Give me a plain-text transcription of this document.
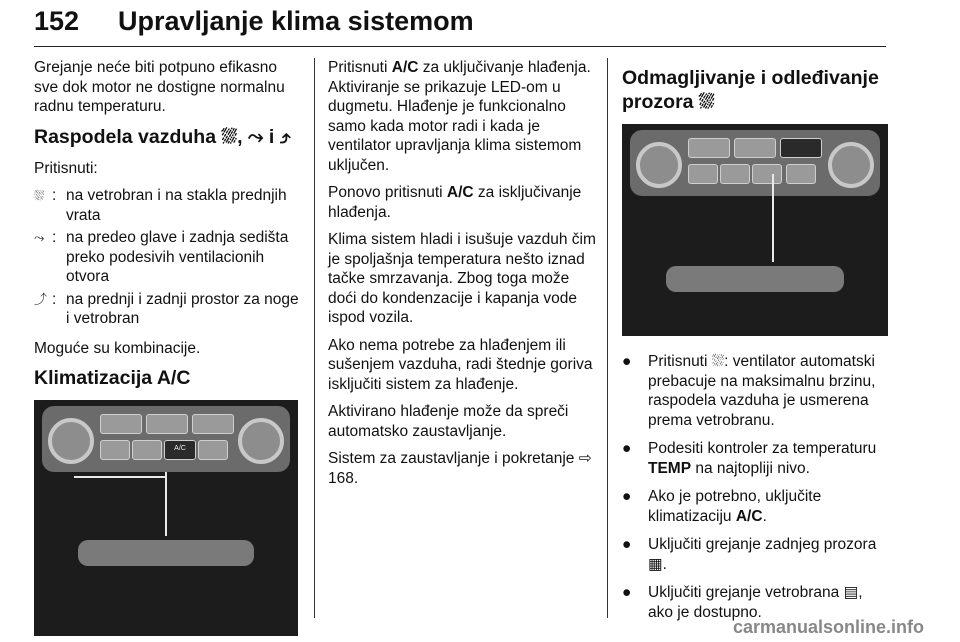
152 Upravljanje klima sistemom

Grejanje neće biti potpuno efikasno sve dok motor ne dostigne normalnu radnu temperaturu.

Raspodela vazduha ⛆, ⤳ i ⤴

Pritisnuti:

⛆ : na vetrobran i na stakla prednjih vrata
⤳ : na predeo glave i zadnja sedišta preko podesivih ventilacionih otvora
⤴ : na prednji i zadnji prostor za noge i vetrobran

Moguće su kombinacije.

Klimatizacija A/C
A/C

Pritisnuti A/C za uključivanje hlađenja. Aktiviranje se prikazuje LED-om u dugmetu. Hlađenje je funkcionalno samo kada motor radi i kada je ventilator upravljanja klima sistemom uključen.

Ponovo pritisnuti A/C za isključivanje hlađenja.

Klima sistem hladi i isušuje vazduh čim je spoljašnja temperatura nešto iznad tačke smrzavanja. Zbog toga može doći do kondenzacije i kapanja vode ispod vozila.

Ako nema potrebe za hlađenjem ili sušenjem vazduha, radi štednje goriva isključiti sistem za hlađenje.

Aktivirano hlađenje može da spreči automatsko zaustavljanje.

Sistem za zaustavljanje i pokretanje ⇨ 168.

Odmagljivanje i odleđivanje prozora ⛆
●	Pritisnuti ⛆: ventilator automatski prebacuje na maksimalnu brzinu, raspodela vazduha je usmerena prema vetrobranu.
●	Podesiti kontroler za temperaturu TEMP na najtopliji nivo.
●	Ako je potrebno, uključite klimatizaciju A/C.
●	Uključiti grejanje zadnjeg prozora ▦.
●	Uključiti grejanje vetrobrana ▤, ako je dostupno.
carmanualsonline.info
